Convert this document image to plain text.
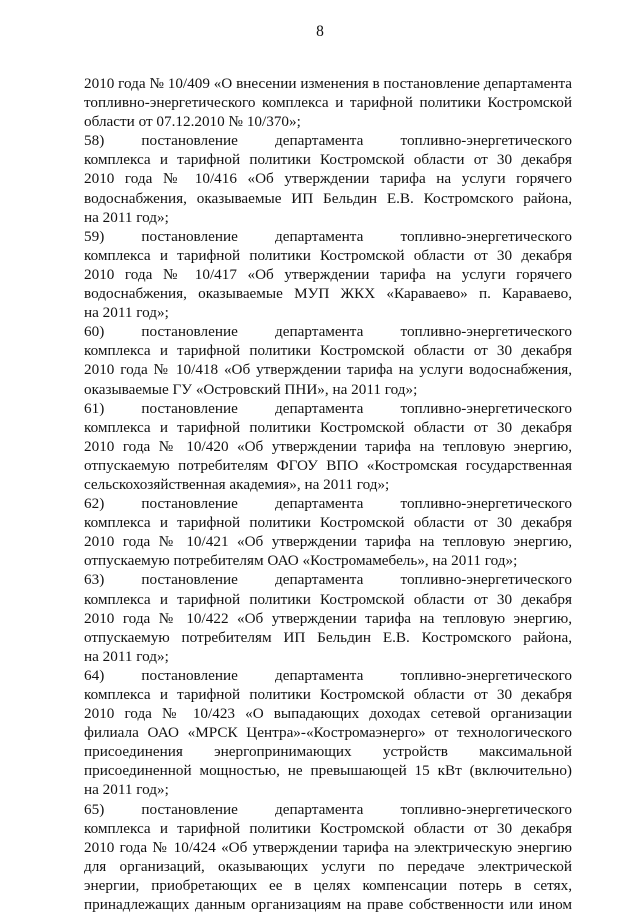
8
2010 года № 10/409 «О внесении изменения в постановление департамента
топливно-энергетического комплекса и тарифной политики Костромской
области от 07.12.2010 № 10/370»;
58) постановление департамента топливно-энергетического
комплекса и тарифной политики Костромской области от 30 декабря
2010 года № 10/416 «Об утверждении тарифа на услуги горячего
водоснабжения, оказываемые ИП Бельдин Е.В. Костромского района,
на 2011 год»;
59) постановление департамента топливно-энергетического
комплекса и тарифной политики Костромской области от 30 декабря
2010 года № 10/417 «Об утверждении тарифа на услуги горячего
водоснабжения, оказываемые МУП ЖКХ «Караваево» п. Караваево,
на 2011 год»;
60) постановление департамента топливно-энергетического
комплекса и тарифной политики Костромской области от 30 декабря
2010 года № 10/418 «Об утверждении тарифа на услуги водоснабжения,
оказываемые ГУ «Островский ПНИ», на 2011 год»;
61) постановление департамента топливно-энергетического
комплекса и тарифной политики Костромской области от 30 декабря
2010 года № 10/420 «Об утверждении тарифа на тепловую энергию,
отпускаемую потребителям ФГОУ ВПО «Костромская государственная
сельскохозяйственная академия», на 2011 год»;
62) постановление департамента топливно-энергетического
комплекса и тарифной политики Костромской области от 30 декабря
2010 года № 10/421 «Об утверждении тарифа на тепловую энергию,
отпускаемую потребителям ОАО «Костромамебель», на 2011 год»;
63) постановление департамента топливно-энергетического
комплекса и тарифной политики Костромской области от 30 декабря
2010 года № 10/422 «Об утверждении тарифа на тепловую энергию,
отпускаемую потребителям ИП Бельдин Е.В. Костромского района,
на 2011 год»;
64) постановление департамента топливно-энергетического
комплекса и тарифной политики Костромской области от 30 декабря
2010 года № 10/423 «О выпадающих доходах сетевой организации
филиала ОАО «МРСК Центра»-«Костромаэнерго» от технологического
присоединения энергопринимающих устройств максимальной
присоединенной мощностью, не превышающей 15 кВт (включительно)
на 2011 год»;
65) постановление департамента топливно-энергетического
комплекса и тарифной политики Костромской области от 30 декабря
2010 года № 10/424 «Об утверждении тарифа на электрическую энергию
для организаций, оказывающих услуги по передаче электрической
энергии, приобретающих ее в целях компенсации потерь в сетях,
принадлежащих данным организациям на праве собственности или ином
